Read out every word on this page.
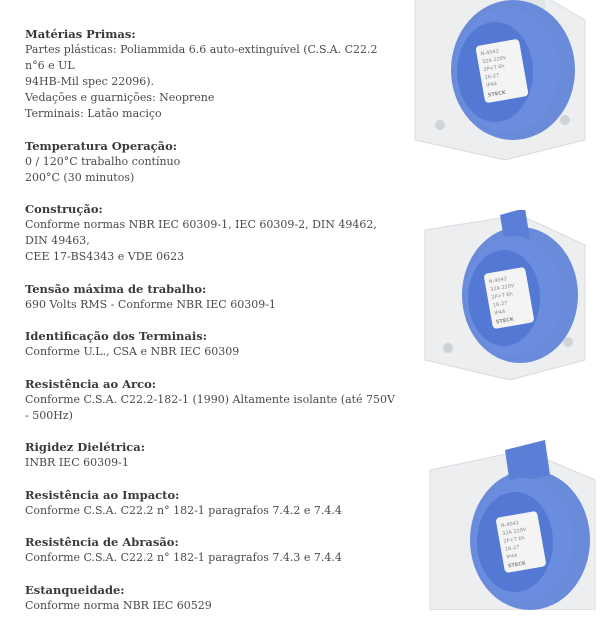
Matérias Primas:
Partes plásticas: Poliammida 6.6 auto-extinguível (C.S.A. C22.2 n°6 e UL
94HB-Mil spec 22096).
Vedações e guarnições: Neoprene
Terminais: Latão maciço
Temperatura Operação:
0 / 120°C trabalho contínuo
200°C (30 minutos)
Construção:
Conforme normas NBR IEC 60309-1, IEC 60309-2, DIN 49462, DIN 49463,
CEE 17-BS4343 e VDE 0623
Tensão máxima de trabalho:
690 Volts RMS - Conforme NBR IEC 60309-1
Identificação dos Terminais:
Conforme U.L., CSA e NBR IEC 60309
Resistência ao Arco:
Conforme C.S.A. C22.2-182-1 (1990) Altamente isolante (até 750V - 500Hz)
Rigidez Dielétrica:
INBR IEC 60309-1
Resistência ao Impacto:
Conforme C.S.A. C22.2 n° 182-1 paragrafos 7.4.2 e 7.4.4
Resistência de Abrasão:
Conforme C.S.A. C22.2 n° 182-1 paragrafos 7.4.3 e 7.4.4
Estanqueidade:
Conforme norma NBR IEC 60529
N-4042
32A 220V
2P+T 6h
16-27
IP44
STECK
N-4042
32A 220V
2P+T 6h
16-27
IP44
STECK
N-4042
32A 220V
2P+T 6h
16-27
IP44
STECK
